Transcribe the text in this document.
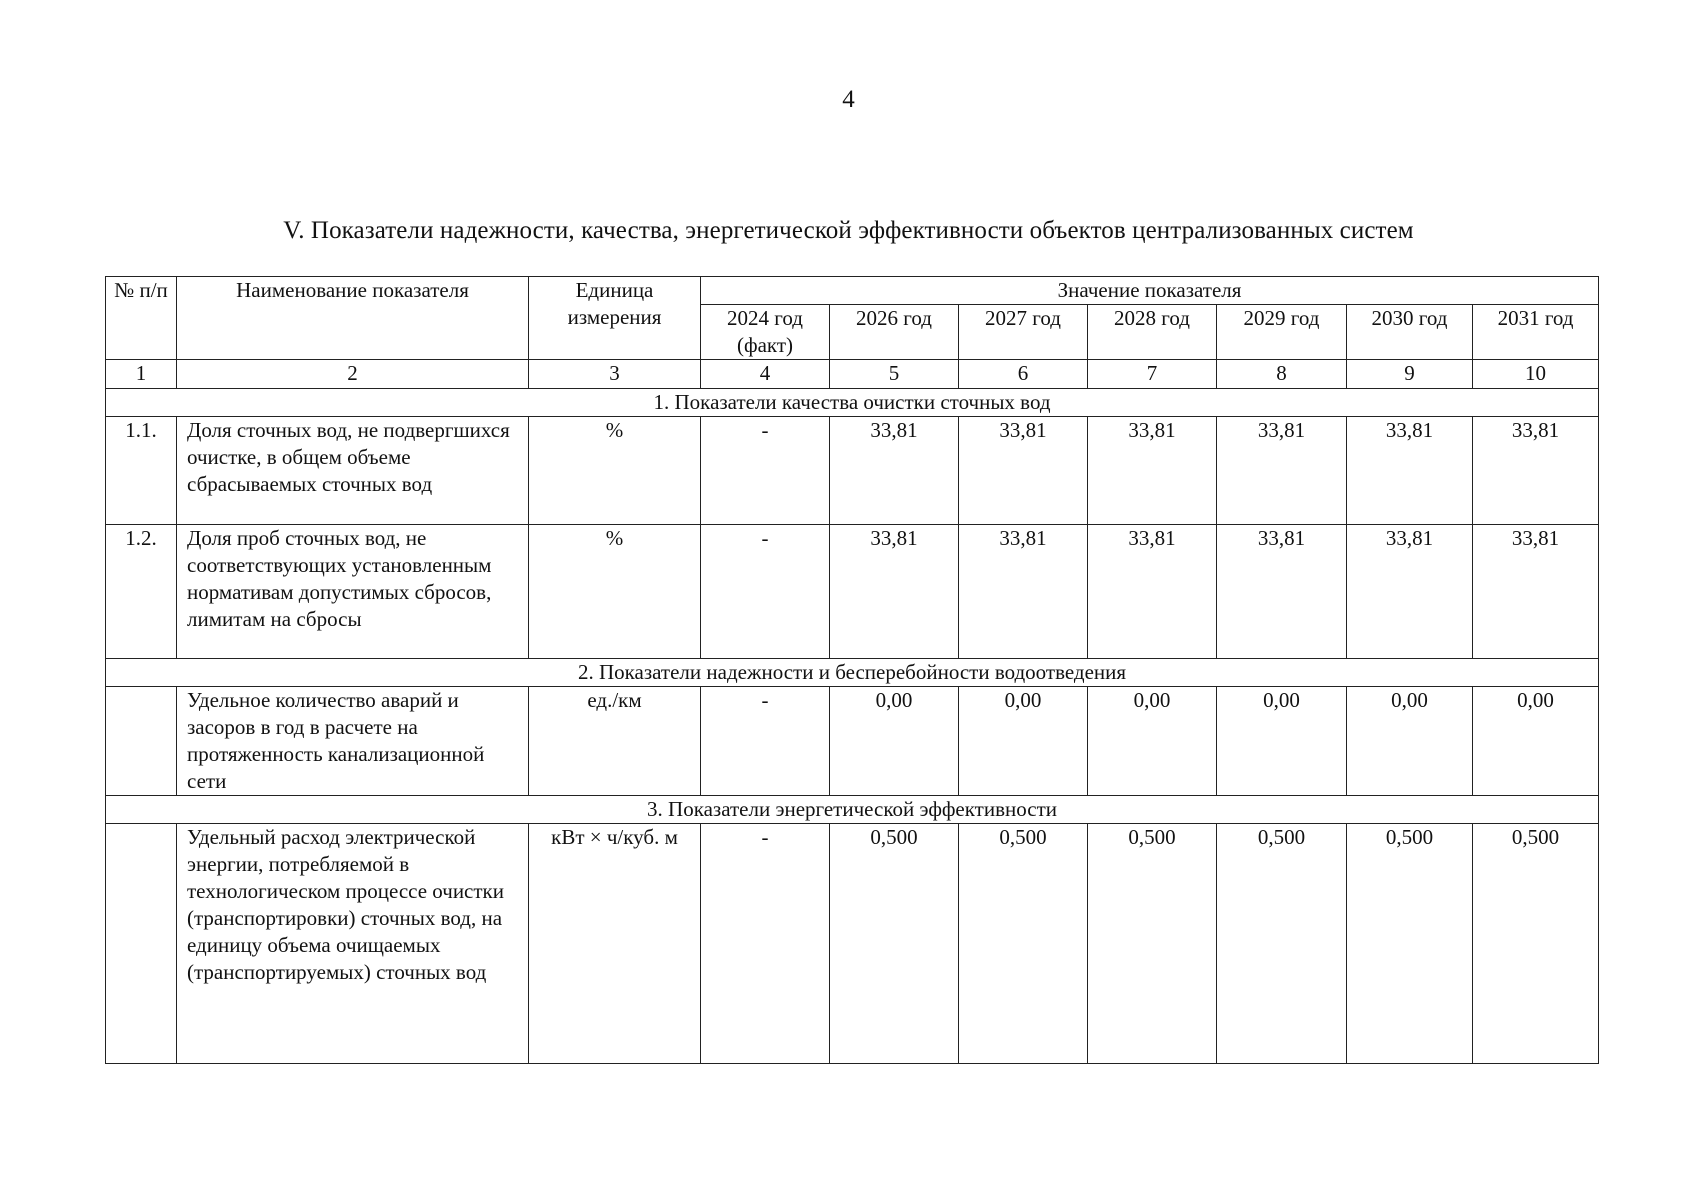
4
V. Показатели надежности, качества, энергетической эффективности объектов централизованных систем
№ п/п	Наименование показателя	Единица измерения	Значение показателя						
			2024 год (факт)	2026 год	2027 год	2028 год	2029 год	2030 год	2031 год
1	2	3	4	5	6	7	8	9	10
1. Показатели качества очистки сточных вод									
1.1.	Доля сточных вод, не подвергшихся очистке, в общем объеме сбрасываемых сточных вод	%	-	33,81	33,81	33,81	33,81	33,81	33,81
1.2.	Доля проб сточных вод, не соответствующих установленным нормативам допустимых сбросов, лимитам на сбросы	%	-	33,81	33,81	33,81	33,81	33,81	33,81
2. Показатели надежности и бесперебойности водоотведения									
	Удельное количество аварий и засоров в год в расчете на протяженность канализационной сети	ед./км	-	0,00	0,00	0,00	0,00	0,00	0,00
3. Показатели энергетической эффективности									
	Удельный расход электрической энергии, потребляемой в технологическом процессе очистки (транспортировки) сточных вод, на единицу объема очищаемых (транспортируемых) сточных вод	кВт × ч/куб. м	-	0,500	0,500	0,500	0,500	0,500	0,500
